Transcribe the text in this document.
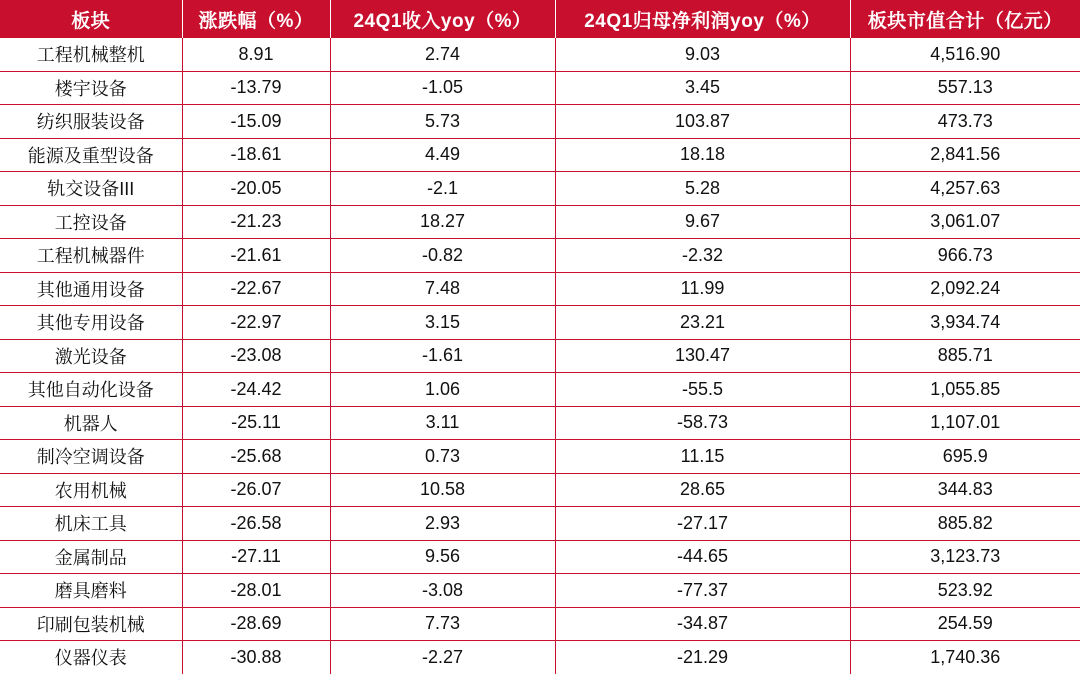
板块	涨跌幅（%）	24Q1收入yoy（%）	24Q1归母净利润yoy（%）	板块市值合计（亿元）
工程机械整机	8.91	2.74	9.03	4,516.90
楼宇设备	-13.79	-1.05	3.45	557.13
纺织服装设备	-15.09	5.73	103.87	473.73
能源及重型设备	-18.61	4.49	18.18	2,841.56
轨交设备III	-20.05	-2.1	5.28	4,257.63
工控设备	-21.23	18.27	9.67	3,061.07
工程机械器件	-21.61	-0.82	-2.32	966.73
其他通用设备	-22.67	7.48	11.99	2,092.24
其他专用设备	-22.97	3.15	23.21	3,934.74
激光设备	-23.08	-1.61	130.47	885.71
其他自动化设备	-24.42	1.06	-55.5	1,055.85
机器人	-25.11	3.11	-58.73	1,107.01
制冷空调设备	-25.68	0.73	11.15	695.9
农用机械	-26.07	10.58	28.65	344.83
机床工具	-26.58	2.93	-27.17	885.82
金属制品	-27.11	9.56	-44.65	3,123.73
磨具磨料	-28.01	-3.08	-77.37	523.92
印刷包装机械	-28.69	7.73	-34.87	254.59
仪器仪表	-30.88	-2.27	-21.29	1,740.36
